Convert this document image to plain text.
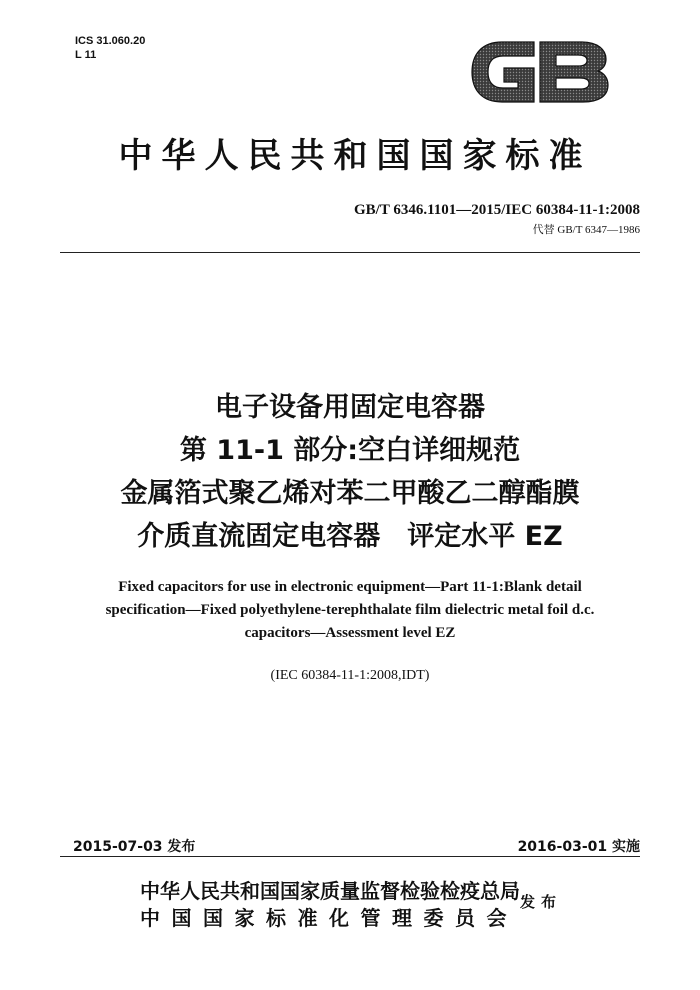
ICS 31.060.20
L 11
中华人民共和国国家标准
GB/T 6346.1101—2015/IEC 60384-11-1:2008
代替 GB/T 6347—1986
电子设备用固定电容器
第 11-1 部分:空白详细规范
金属箔式聚乙烯对苯二甲酸乙二醇酯膜
介质直流固定电容器　评定水平 EZ
Fixed capacitors for use in electronic equipment—Part 11-1:Blank detail
specification—Fixed polyethylene-terephthalate film dielectric metal foil d.c.
capacitors—Assessment level EZ
(IEC 60384-11-1:2008,IDT)
2015-07-03 发布	2016-03-01 实施
中华人民共和国国家质量监督检验检疫总局
中国国家标准化管理委员会
发布
